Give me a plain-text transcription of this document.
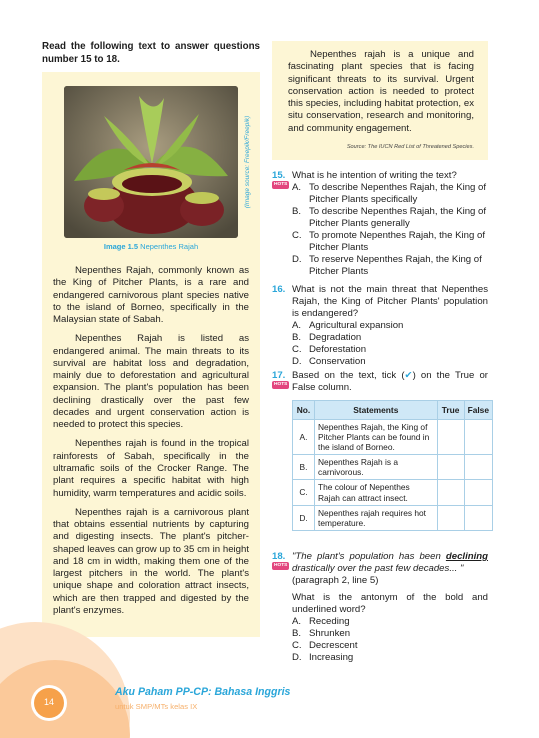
Read the following text to answer questions number 15 to 18.
(Image source: Freepik/Freepik)
Image 1.5 Nepenthes Rajah

Nepenthes Rajah, commonly known as the King of Pitcher Plants, is a rare and endangered carnivorous plant species native to the island of Borneo, specifically in the Malaysian state of Sabah.

Nepenthes Rajah is listed as endangered animal. The main threats to its survival are habitat loss and degradation, mainly due to deforestation and agricultural expansion. The plant's population has been declining drastically over the past few decades and urgent conservation action is needed to protect this species.

Nepenthes rajah is found in the tropical rainforests of Sabah, specifically in the ultramafic soils of the Crocker Range. The plant requires a specific habitat with high humidity, warm temperatures and acidic soils.

Nepenthes rajah is a carnivorous plant that obtains essential nutrients by capturing and digesting insects. The plant's pitcher-shaped leaves can grow up to 35 cm in height and 18 cm in width, making them one of the largest pitchers in the world. The plant's unique shape and coloration attract insects, which are then trapped and digested by the plant's enzymes.

Nepenthes rajah is a unique and fascinating plant species that is facing significant threats to its survival. Urgent conservation action is needed to protect this species, including habitat protection, ex situ conservation, research and monitoring, and community engagement.

Source: The IUCN Red List of Threatened Species.
15.
HOTS
What is he intention of writing the text?
A. To describe Nepenthes Rajah, the King of Pitcher Plants specifically
B. To describe Nepenthes Rajah, the King of Pitcher Plants generally
C. To promote Nepenthes Rajah, the King of Pitcher Plants
D. To reserve Nepenthes Rajah, the King of Pitcher Plants
16. What is not the main threat that Nepenthes Rajah, the King of Pitcher Plants' population is endangered?
A. Agricultural expansion
B. Degradation
C. Deforestation
D. Conservation
17.
HOTS
Based on the text, tick (✔) on the True or False column.
No.	Statements	True	False
A.	Nepenthes Rajah, the King of Pitcher Plants can be found in the island of Borneo.		
B.	Nepenthes Rajah is a carnivorous.		
C.	The colour of Nepenthes Rajah can attract insect.		
D.	Nepenthes rajah requires hot temperature.		
18.
HOTS
"The plant's population has been declining drastically over the past few decades... "
(paragraph 2, line 5)
What is the antonym of the bold and underlined word?
A. Receding
B. Shrunken
C. Decrescent
D. Increasing
14
Aku Paham PP-CP: Bahasa Inggris
untuk SMP/MTs kelas IX
